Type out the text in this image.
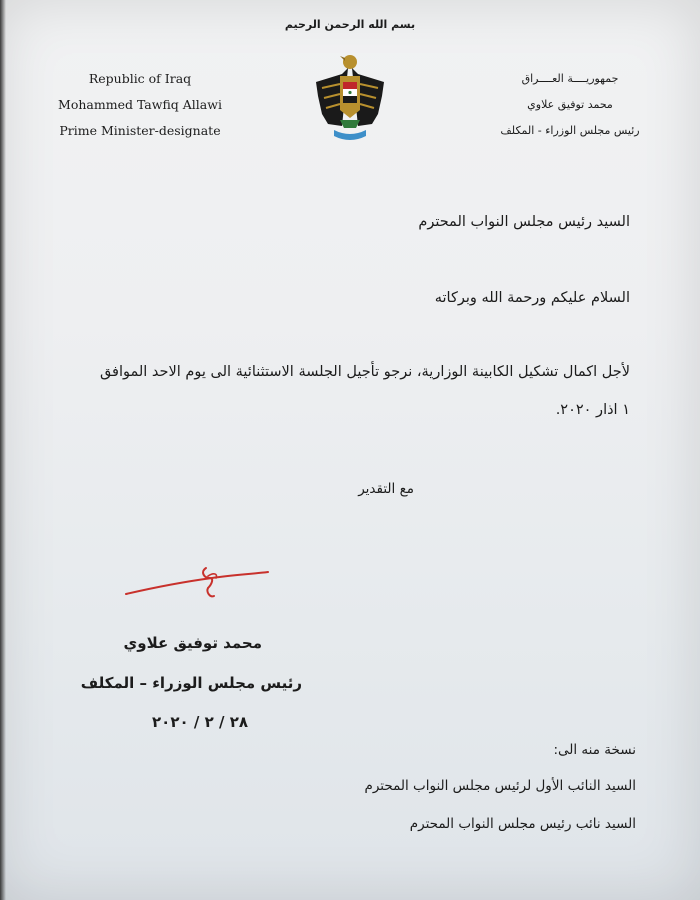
بسم الله الرحمن الرحيم
Republic of Iraq
Mohammed Tawfiq Allawi
Prime Minister-designate
جمهوريــــة العــــراق
محمد توفيق علاوي
رئيس مجلس الوزراء - المكلف
السيد رئيس مجلس النواب المحترم
السلام عليكم ورحمة الله وبركاته
لأجل اكمال تشكيل الكابينة الوزارية، نرجو تأجيل الجلسة الاستثنائية الى يوم الاحد الموافق
١ اذار ٢٠٢٠.
مع التقدير
محمد توفيق علاوي
رئيس مجلس الوزراء – المكلف
٢٨ / ٢ / ٢٠٢٠
نسخة منه الى:
السيد النائب الأول لرئيس مجلس النواب المحترم
السيد نائب رئيس مجلس النواب المحترم
